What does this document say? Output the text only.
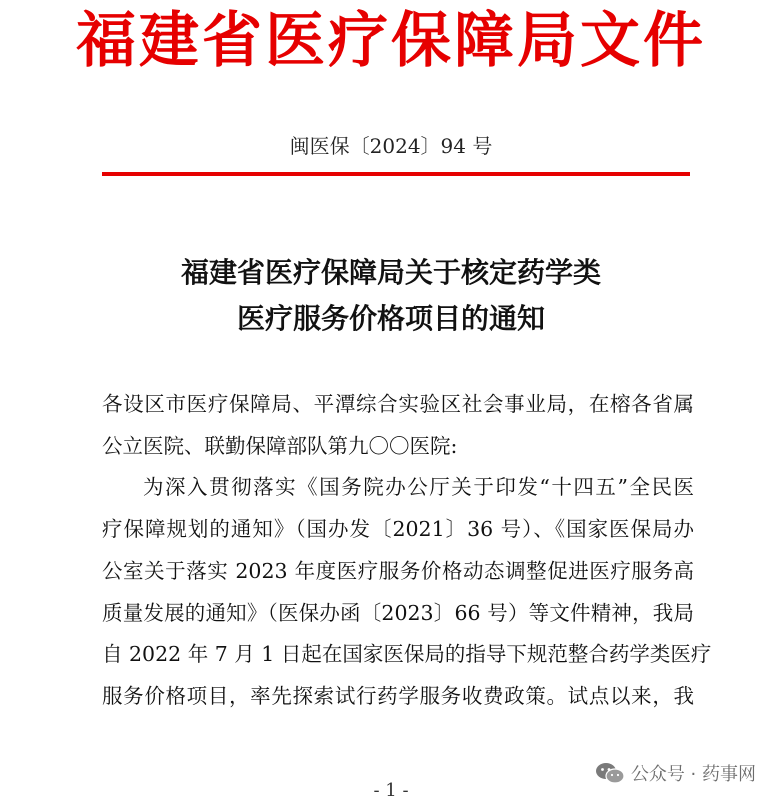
福建省医疗保障局文件
闽医保〔2024〕94 号
福建省医疗保障局关于核定药学类
医疗服务价格项目的通知
各设区市医疗保障局、平潭综合实验区社会事业局，在榕各省属
公立医院、联勤保障部队第九〇〇医院:
为深入贯彻落实《国务院办公厅关于印发“十四五”全民医
疗保障规划的通知》（国办发〔2021〕36 号）、《国家医保局办
公室关于落实 2023 年度医疗服务价格动态调整促进医疗服务高
质量发展的通知》（医保办函〔2023〕66 号）等文件精神，我局
自 2022 年 7 月 1 日起在国家医保局的指导下规范整合药学类医疗
服务价格项目，率先探索试行药学服务收费政策。试点以来，我
公众号 · 药事网
- 1 -
